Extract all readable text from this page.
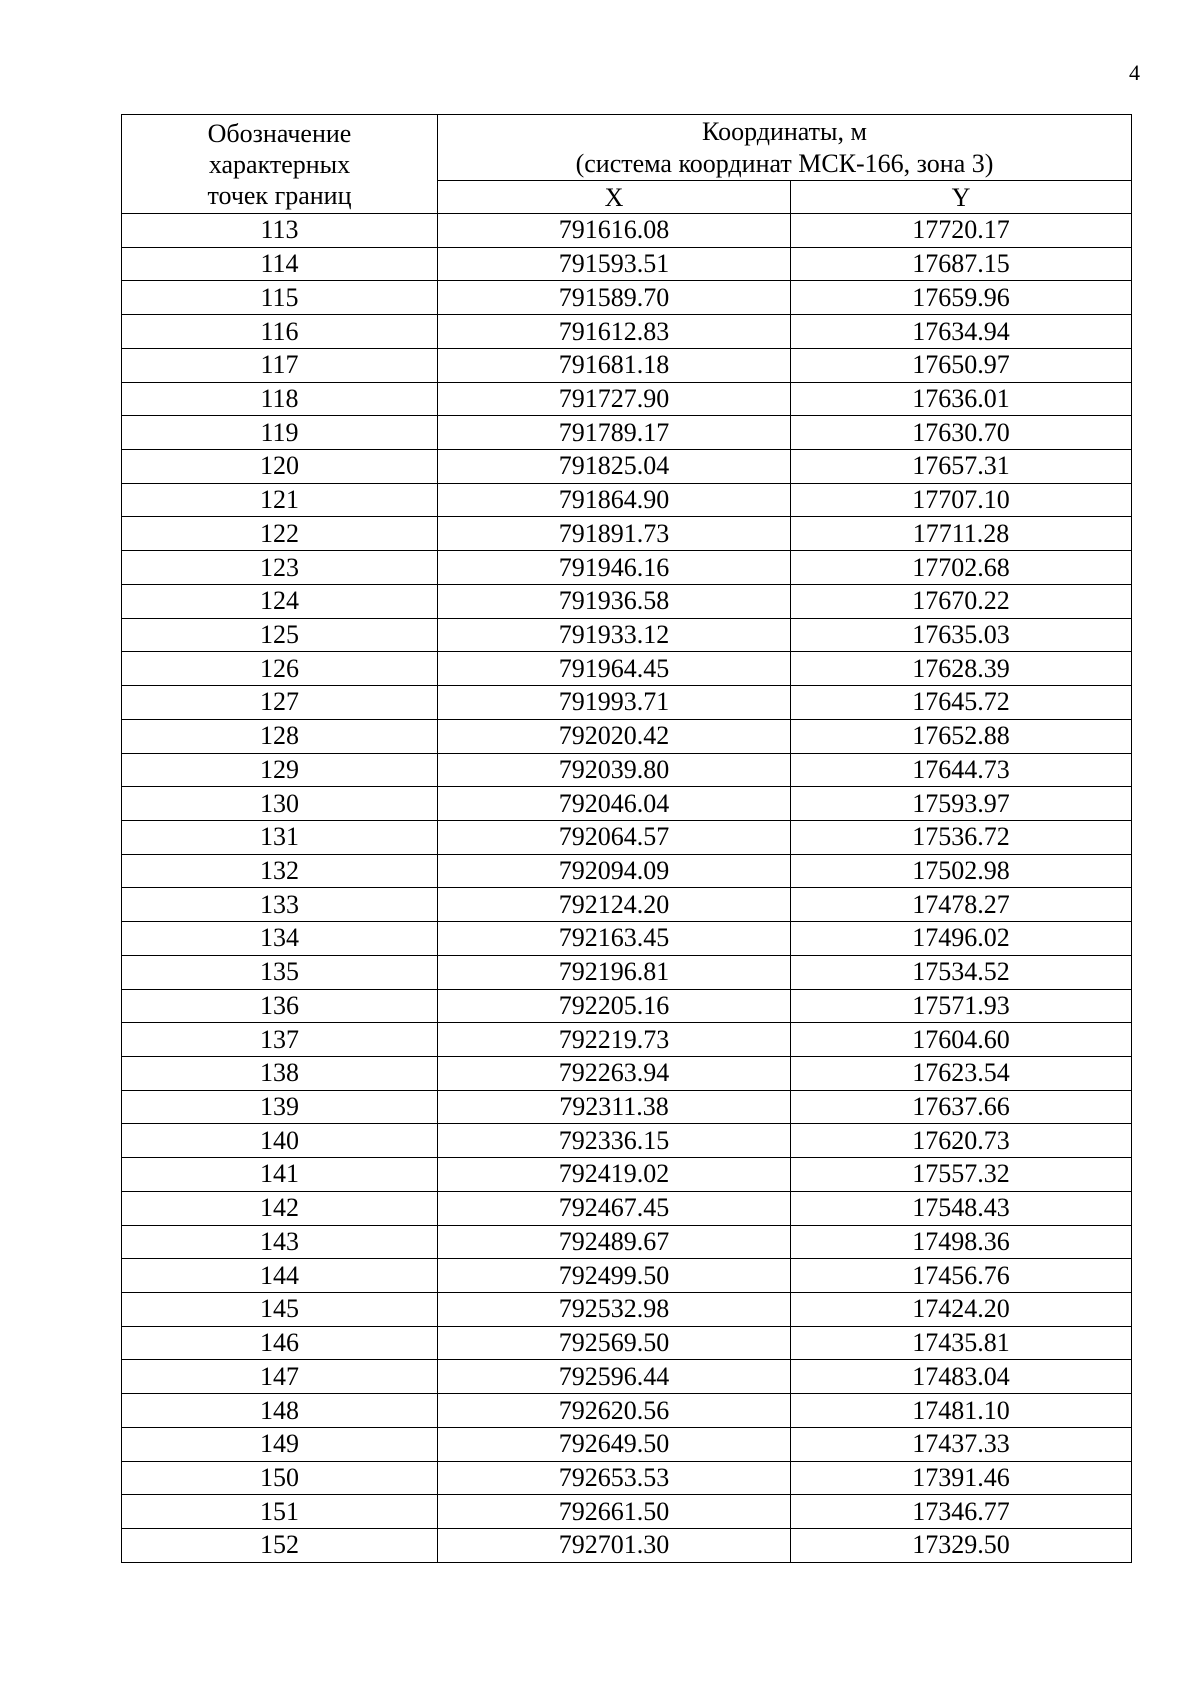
4
Обозначение
характерных
точек границ	Координаты, м	
	(система координат МСК-166, зона 3)	
	X	Y
113	791616.08	17720.17
114	791593.51	17687.15
115	791589.70	17659.96
116	791612.83	17634.94
117	791681.18	17650.97
118	791727.90	17636.01
119	791789.17	17630.70
120	791825.04	17657.31
121	791864.90	17707.10
122	791891.73	17711.28
123	791946.16	17702.68
124	791936.58	17670.22
125	791933.12	17635.03
126	791964.45	17628.39
127	791993.71	17645.72
128	792020.42	17652.88
129	792039.80	17644.73
130	792046.04	17593.97
131	792064.57	17536.72
132	792094.09	17502.98
133	792124.20	17478.27
134	792163.45	17496.02
135	792196.81	17534.52
136	792205.16	17571.93
137	792219.73	17604.60
138	792263.94	17623.54
139	792311.38	17637.66
140	792336.15	17620.73
141	792419.02	17557.32
142	792467.45	17548.43
143	792489.67	17498.36
144	792499.50	17456.76
145	792532.98	17424.20
146	792569.50	17435.81
147	792596.44	17483.04
148	792620.56	17481.10
149	792649.50	17437.33
150	792653.53	17391.46
151	792661.50	17346.77
152	792701.30	17329.50
